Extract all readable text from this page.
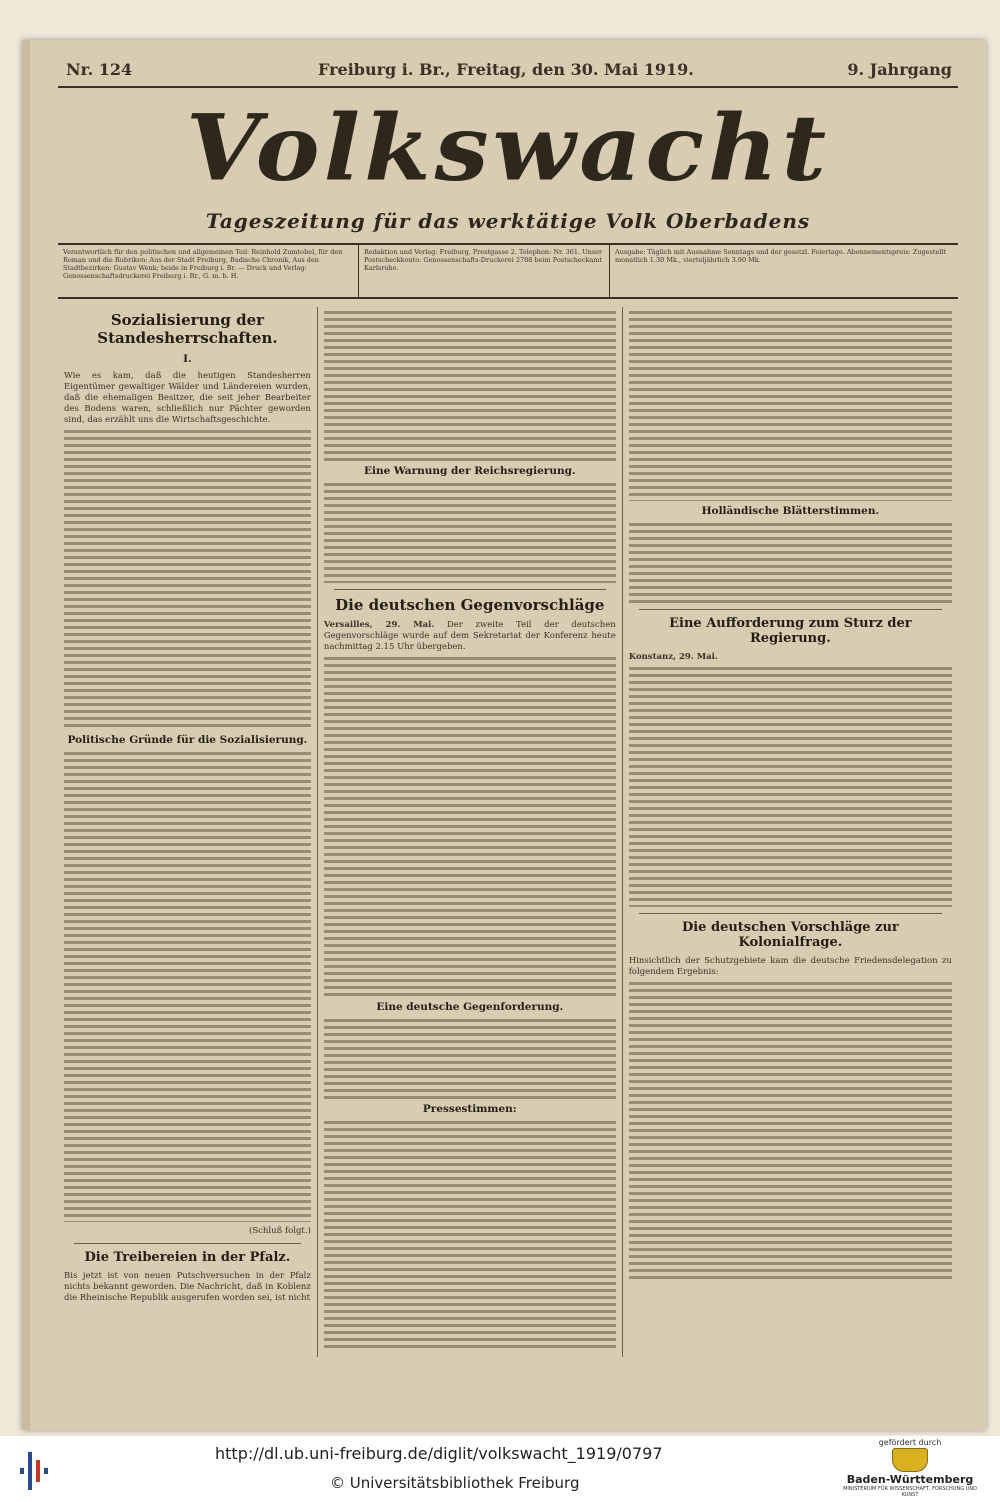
Nr. 124	Freiburg i. Br., Freitag, den 30. Mai 1919.	9. Jahrgang
Volkswacht
Tageszeitung für das werktätige Volk Oberbadens
Verantwortlich für den politischen und allgemeinen Teil: Reinhold Zumtobel, für den Roman und die Rubriken: Aus der Stadt Freiburg, Badische Chronik, Aus den Stadtbezirken: Gustav Wenk; beide in Freiburg i. Br. — Druck und Verlag: Genossenschaftsdruckerei Freiburg i. Br., G. m. b. H.
Redaktion und Verlag: Freiburg, Prestgasse 2. Telephon: Nr. 361. Unser Postscheckkonto: Genossenschafts-Druckerei 2788 beim Postscheckamt Karlsruhe.
Ausgabe: Täglich mit Ausnahme Sonntags und der gesetzl. Feiertage. Abonnementspreis: Zugestellt monatlich 1.30 Mk., vierteljährlich 3.90 Mk.
Sozialisierung der Standesherrschaften.
I.
Wie es kam, daß die heutigen Standesherren Eigentümer gewaltiger Wälder und Ländereien wurden, daß die ehemaligen Besitzer, die seit jeher Bearbeiter des Bodens waren, schließlich nur Pächter geworden sind, das erzählt uns die Wirtschaftsgeschichte.
Politische Gründe für die Sozialisierung.
(Schluß folgt.)
Die Treibereien in der Pfalz.
Bis jetzt ist von neuen Putschversuchen in der Pfalz nichts bekannt geworden. Die Nachricht, daß in Koblenz die Rheinische Republik ausgerufen worden sei, ist nicht
Eine Warnung der Reichsregierung.
Die deutschen Gegenvorschläge
Versailles, 29. Mai. Der zweite Teil der deutschen Gegenvorschläge wurde auf dem Sekretariat der Konferenz heute nachmittag 2.15 Uhr übergeben.
Eine deutsche Gegenforderung.
Pressestimmen:
Holländische Blätterstimmen.
Eine Aufforderung zum Sturz der Regierung.
Konstanz, 29. Mai.
Die deutschen Vorschläge zur Kolonialfrage.
Hinsichtlich der Schutzgebiete kam die deutsche Friedensdelegation zu folgendem Ergebnis:
http://dl.ub.uni-freiburg.de/diglit/volkswacht_1919/0797
© Universitätsbibliothek Freiburg
gefördert durch
Baden-Württemberg
MINISTERIUM FÜR WISSENSCHAFT, FORSCHUNG UND KUNST
